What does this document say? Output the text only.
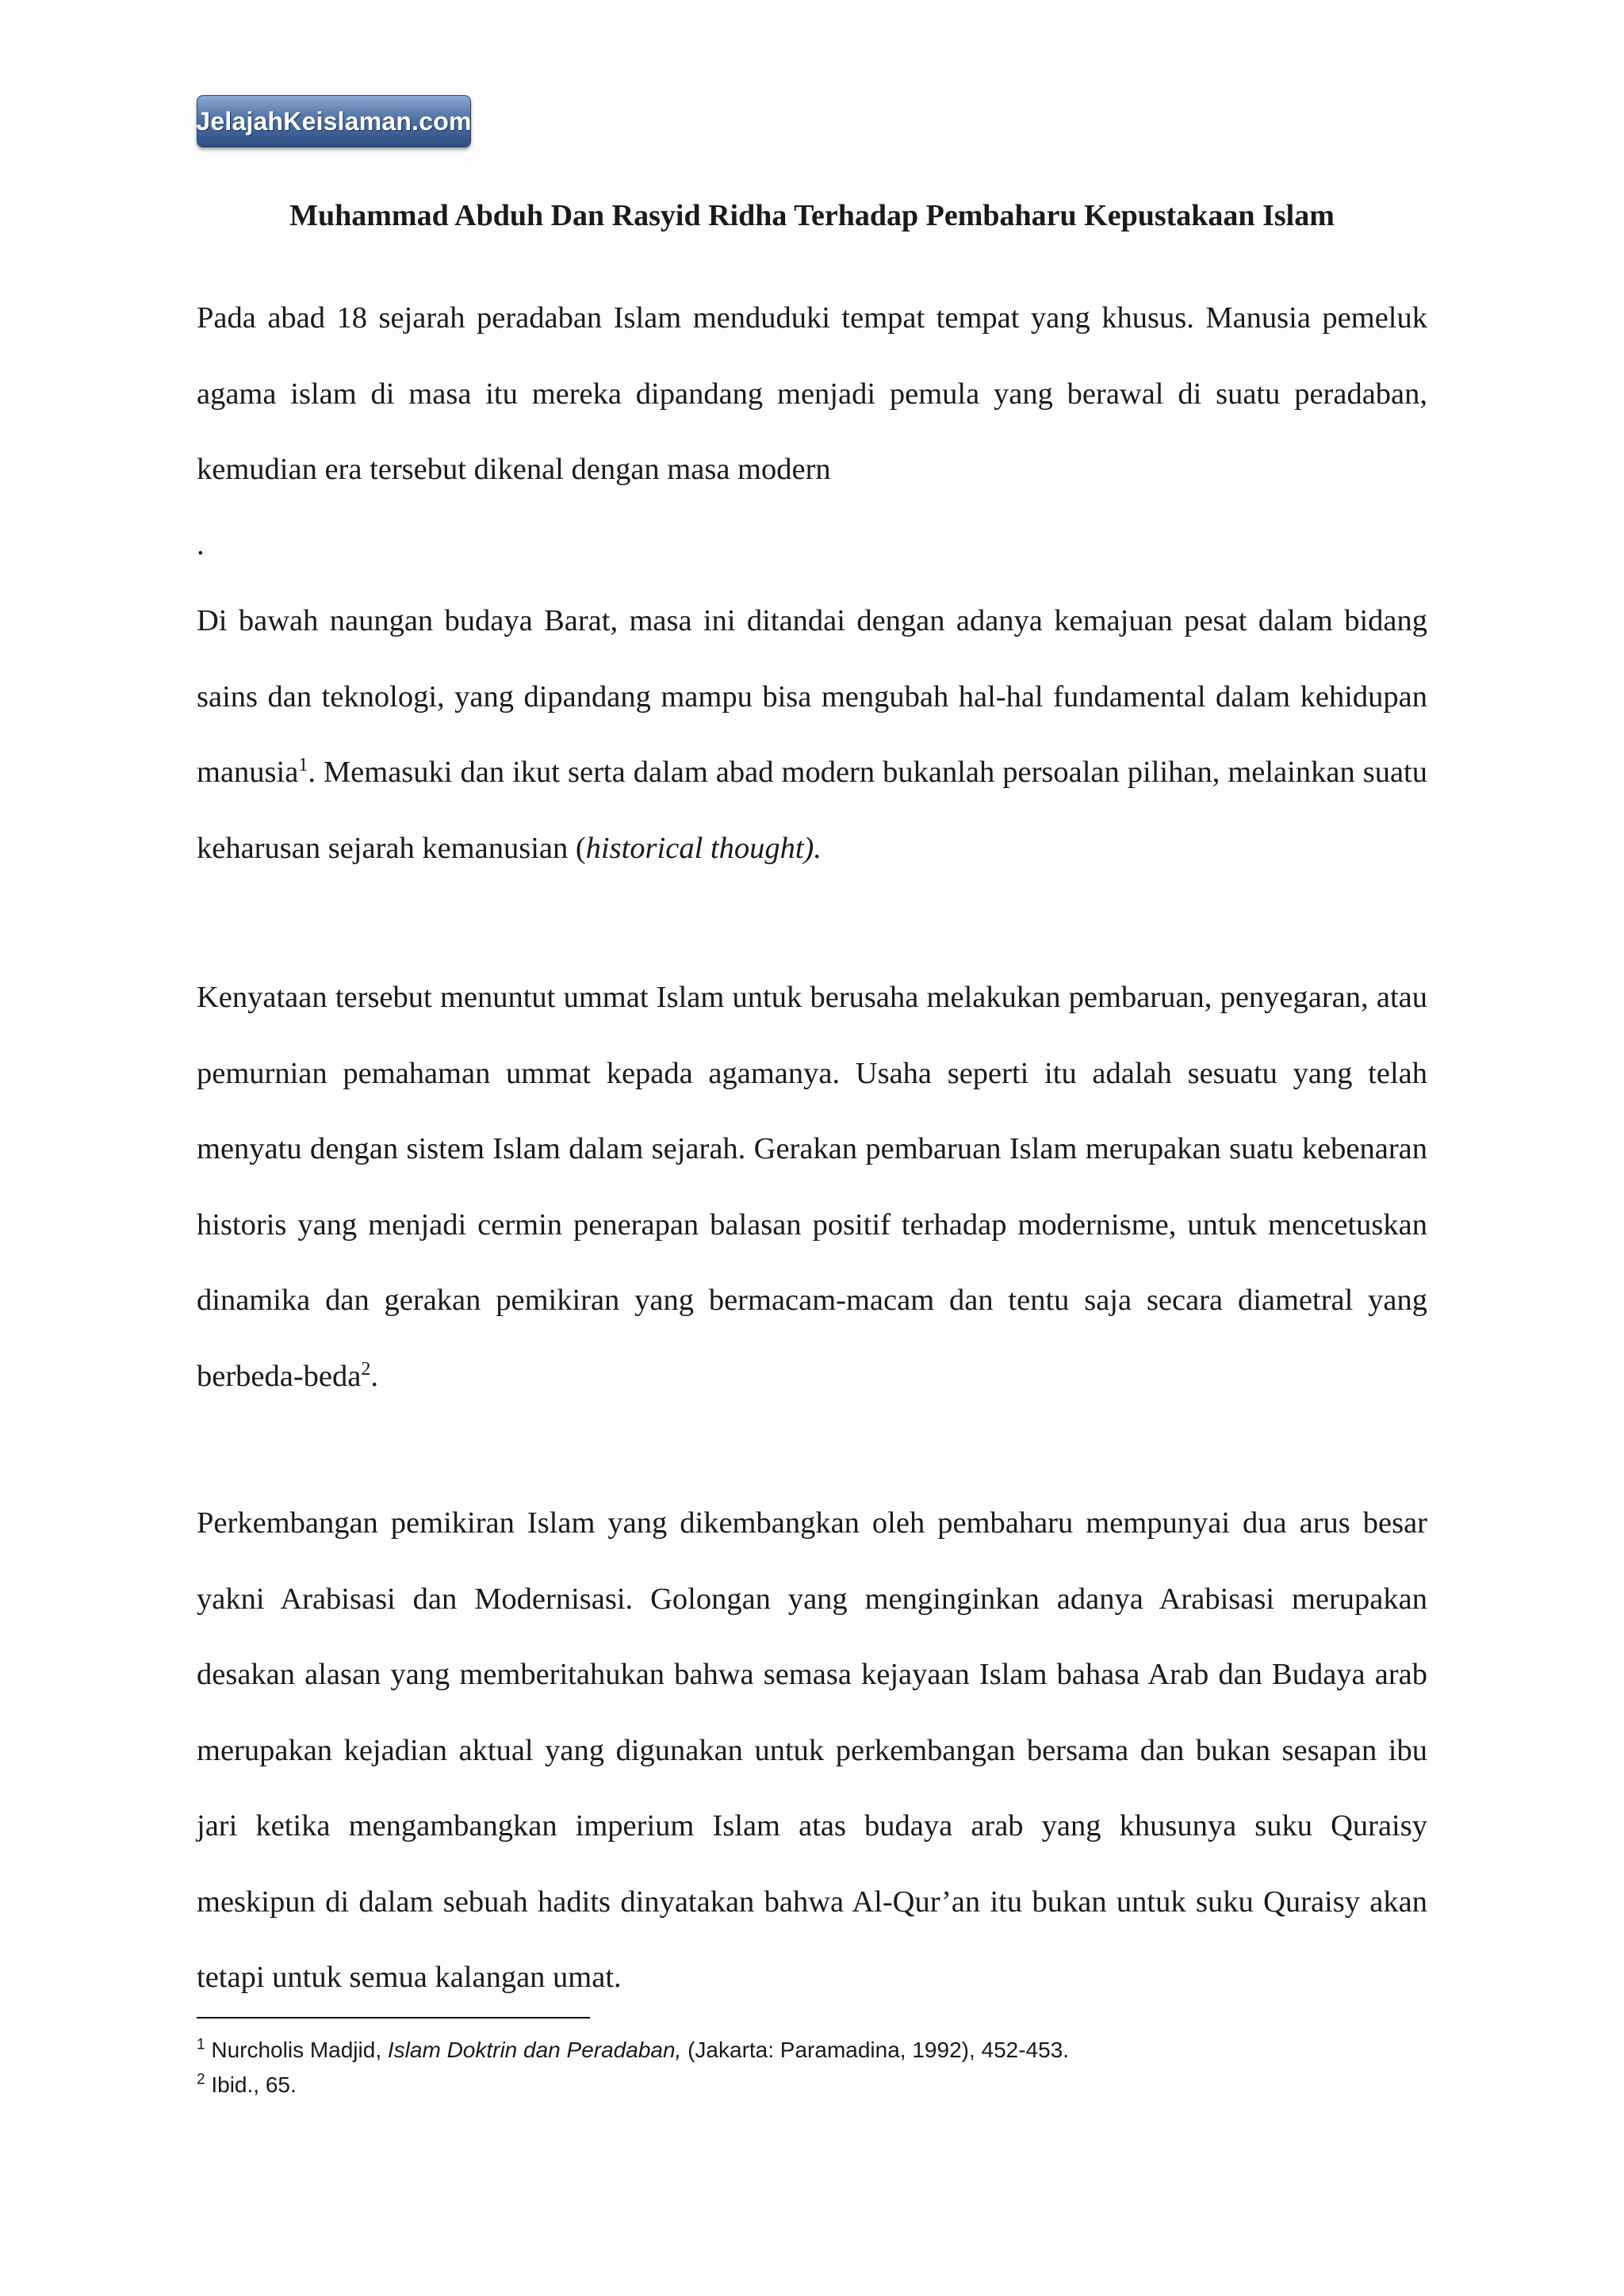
JelajahKeislaman.com
Muhammad Abduh Dan Rasyid Ridha Terhadap Pembaharu Kepustakaan Islam

Pada abad 18 sejarah peradaban Islam menduduki tempat tempat yang khusus. Manusia pemeluk agama islam di masa itu mereka dipandang menjadi pemula yang berawal di suatu peradaban, kemudian era tersebut dikenal dengan masa modern

.

Di bawah naungan budaya Barat, masa ini ditandai dengan adanya kemajuan pesat dalam bidang sains dan teknologi, yang dipandang mampu bisa mengubah hal-hal fundamental dalam kehidupan manusia$^1$. Memasuki dan ikut serta dalam abad modern bukanlah persoalan pilihan, melainkan suatu keharusan sejarah kemanusian (historical thought).

Kenyataan tersebut menuntut ummat Islam untuk berusaha melakukan pembaruan, penyegaran, atau pemurnian pemahaman ummat kepada agamanya. Usaha seperti itu adalah sesuatu yang telah menyatu dengan sistem Islam dalam sejarah. Gerakan pembaruan Islam merupakan suatu kebenaran historis yang menjadi cermin penerapan balasan positif terhadap modernisme, untuk mencetuskan dinamika dan gerakan pemikiran yang bermacam-macam dan tentu saja secara diametral yang berbeda-beda$^2$.

Perkembangan pemikiran Islam yang dikembangkan oleh pembaharu mempunyai dua arus besar yakni Arabisasi dan Modernisasi. Golongan yang menginginkan adanya Arabisasi merupakan desakan alasan yang memberitahukan bahwa semasa kejayaan Islam bahasa Arab dan Budaya arab merupakan kejadian aktual yang digunakan untuk perkembangan bersama dan bukan sesapan ibu jari ketika mengambangkan imperium Islam atas budaya arab yang khusunya suku Quraisy meskipun di dalam sebuah hadits dinyatakan bahwa Al-Qur’an itu bukan untuk suku Quraisy akan tetapi untuk semua kalangan umat.

$^1$ Nurcholis Madjid, Islam Doktrin dan Peradaban, (Jakarta: Paramadina, 1992), 452-453.
$^2$ Ibid., 65.
